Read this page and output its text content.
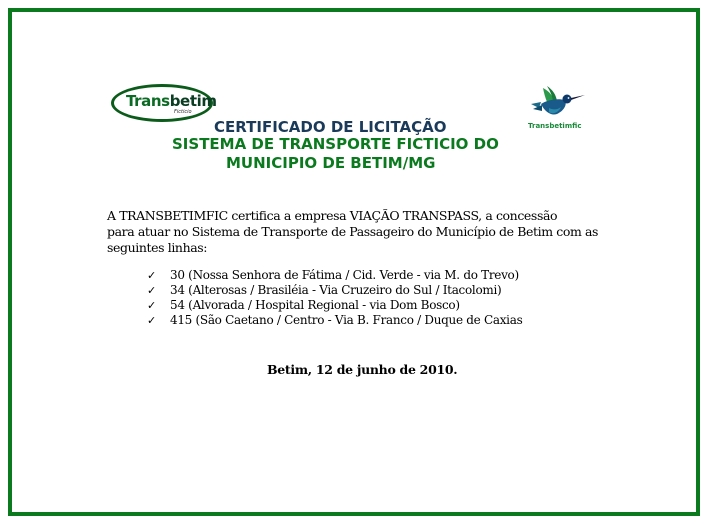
Transbetim
Ficticio
Transbetimfic
CERTIFICADO DE LICITAÇÃO
SISTEMA DE TRANSPORTE FICTICIO DO
MUNICIPIO DE BETIM/MG
A TRANSBETIMFIC certifica a empresa VIAÇÃO TRANSPASS, a concessão
para atuar no Sistema de Transporte de Passageiro do Município de Betim com as
seguintes linhas:
✓ 30 (Nossa Senhora de Fátima / Cid. Verde - via M. do Trevo)
✓ 34 (Alterosas / Brasiléia - Via Cruzeiro do Sul / Itacolomi)
✓ 54 (Alvorada / Hospital Regional - via Dom Bosco)
✓ 415 (São Caetano / Centro - Via B. Franco / Duque de Caxias
Betim, 12 de junho de 2010.
